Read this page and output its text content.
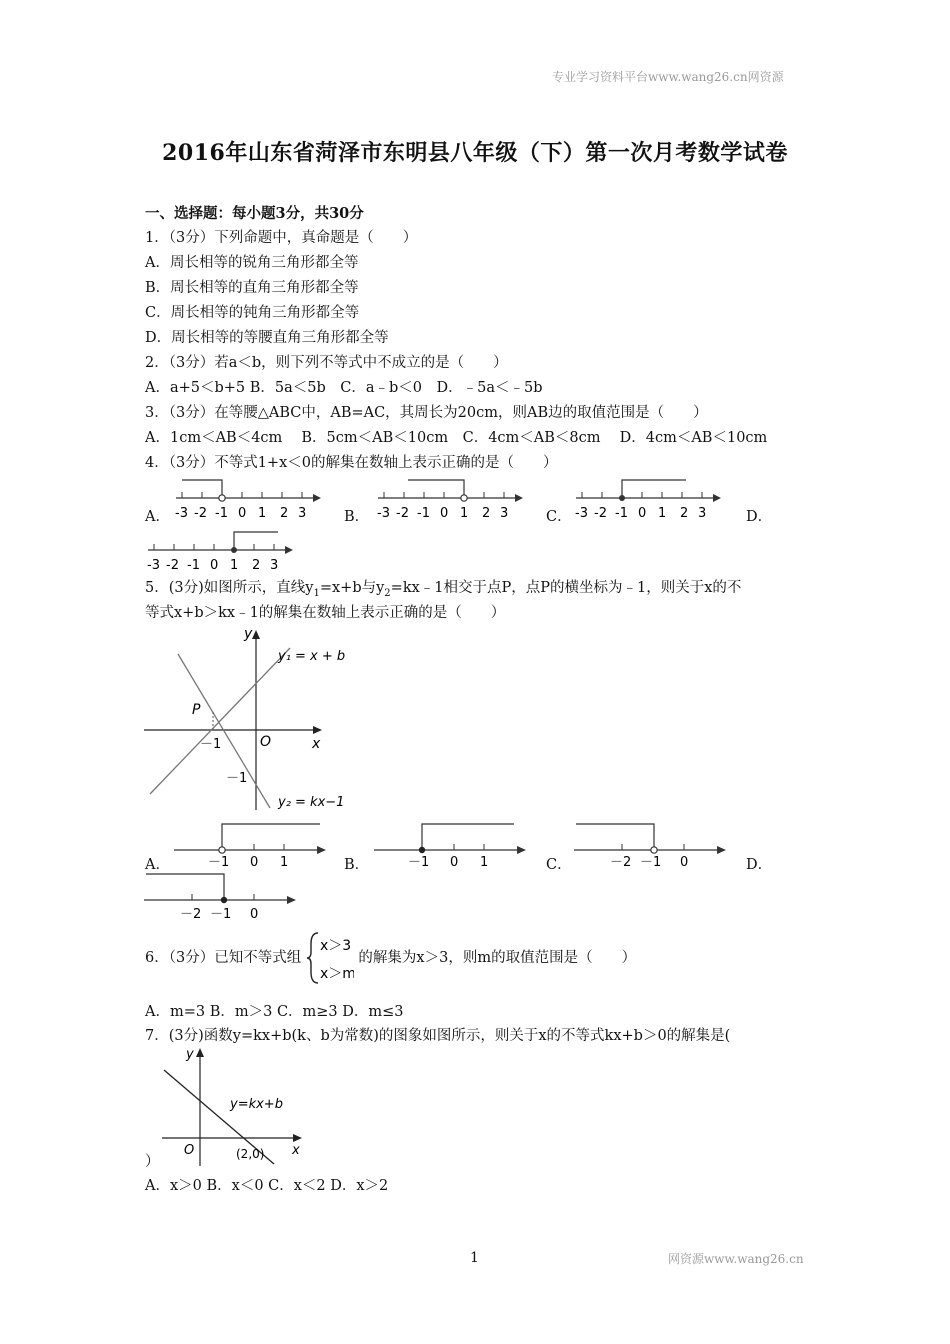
专业学习资料平台www.wang26.cn网资源
1	网资源www.wang26.cn
2016年山东省菏泽市东明县八年级（下）第一次月考数学试卷
一、选择题：每小题3分，共30分
1．（3分）下列命题中，真命题是（　　）
A．周长相等的锐角三角形都全等
B．周长相等的直角三角形都全等
C．周长相等的钝角三角形都全等
D．周长相等的等腰直角三角形都全等
2．（3分）若a＜b，则下列不等式中不成立的是（　　）
A．a+5＜b+5 B．5a＜5b　C．a﹣b＜0　D．﹣5a＜﹣5b
3．（3分）在等腰△ABC中，AB=AC，其周长为20cm，则AB边的取值范围是（　　）
A．1cm＜AB＜4cm　 B．5cm＜AB＜10cm　C．4cm＜AB＜8cm　 D．4cm＜AB＜10cm
4．（3分）不等式1+x＜0的解集在数轴上表示正确的是（　　）
A． -3 -2 -1 0 1 2 3	B． -3 -2 -1 0 1 2 3	C． -3 -2 -1 0 1 2 3	D．
-3 -2 -1 0 1 2 3
5．(3分)如图所示，直线$y_1=x+b$与$y_2=kx﹣1$相交于点P，点P的横坐标为﹣1，则关于x的不
等式x+b＞kx﹣1的解集在数轴上表示正确的是（　　）
y
x
O
P
－1
－1
y₁ = x + b
y₂ = kx−1
A．	－1 0 1	B．	－1 0 1	C．	－2 －1 0	D．
－2 －1 0
6．（3分）已知不等式组
x＞3
x＞m
的解集为x＞3，则m的取值范围是（　　）
A．m=3 B．m＞3 C．m≥3 D．m≤3
7．(3分)函数y=kx+b(k、b为常数)的图象如图所示，则关于x的不等式kx+b＞0的解集是(
y
x
O
y=kx+b
(2,0)
）
A．x＞0 B．x＜0 C．x＜2 D．x＞2
